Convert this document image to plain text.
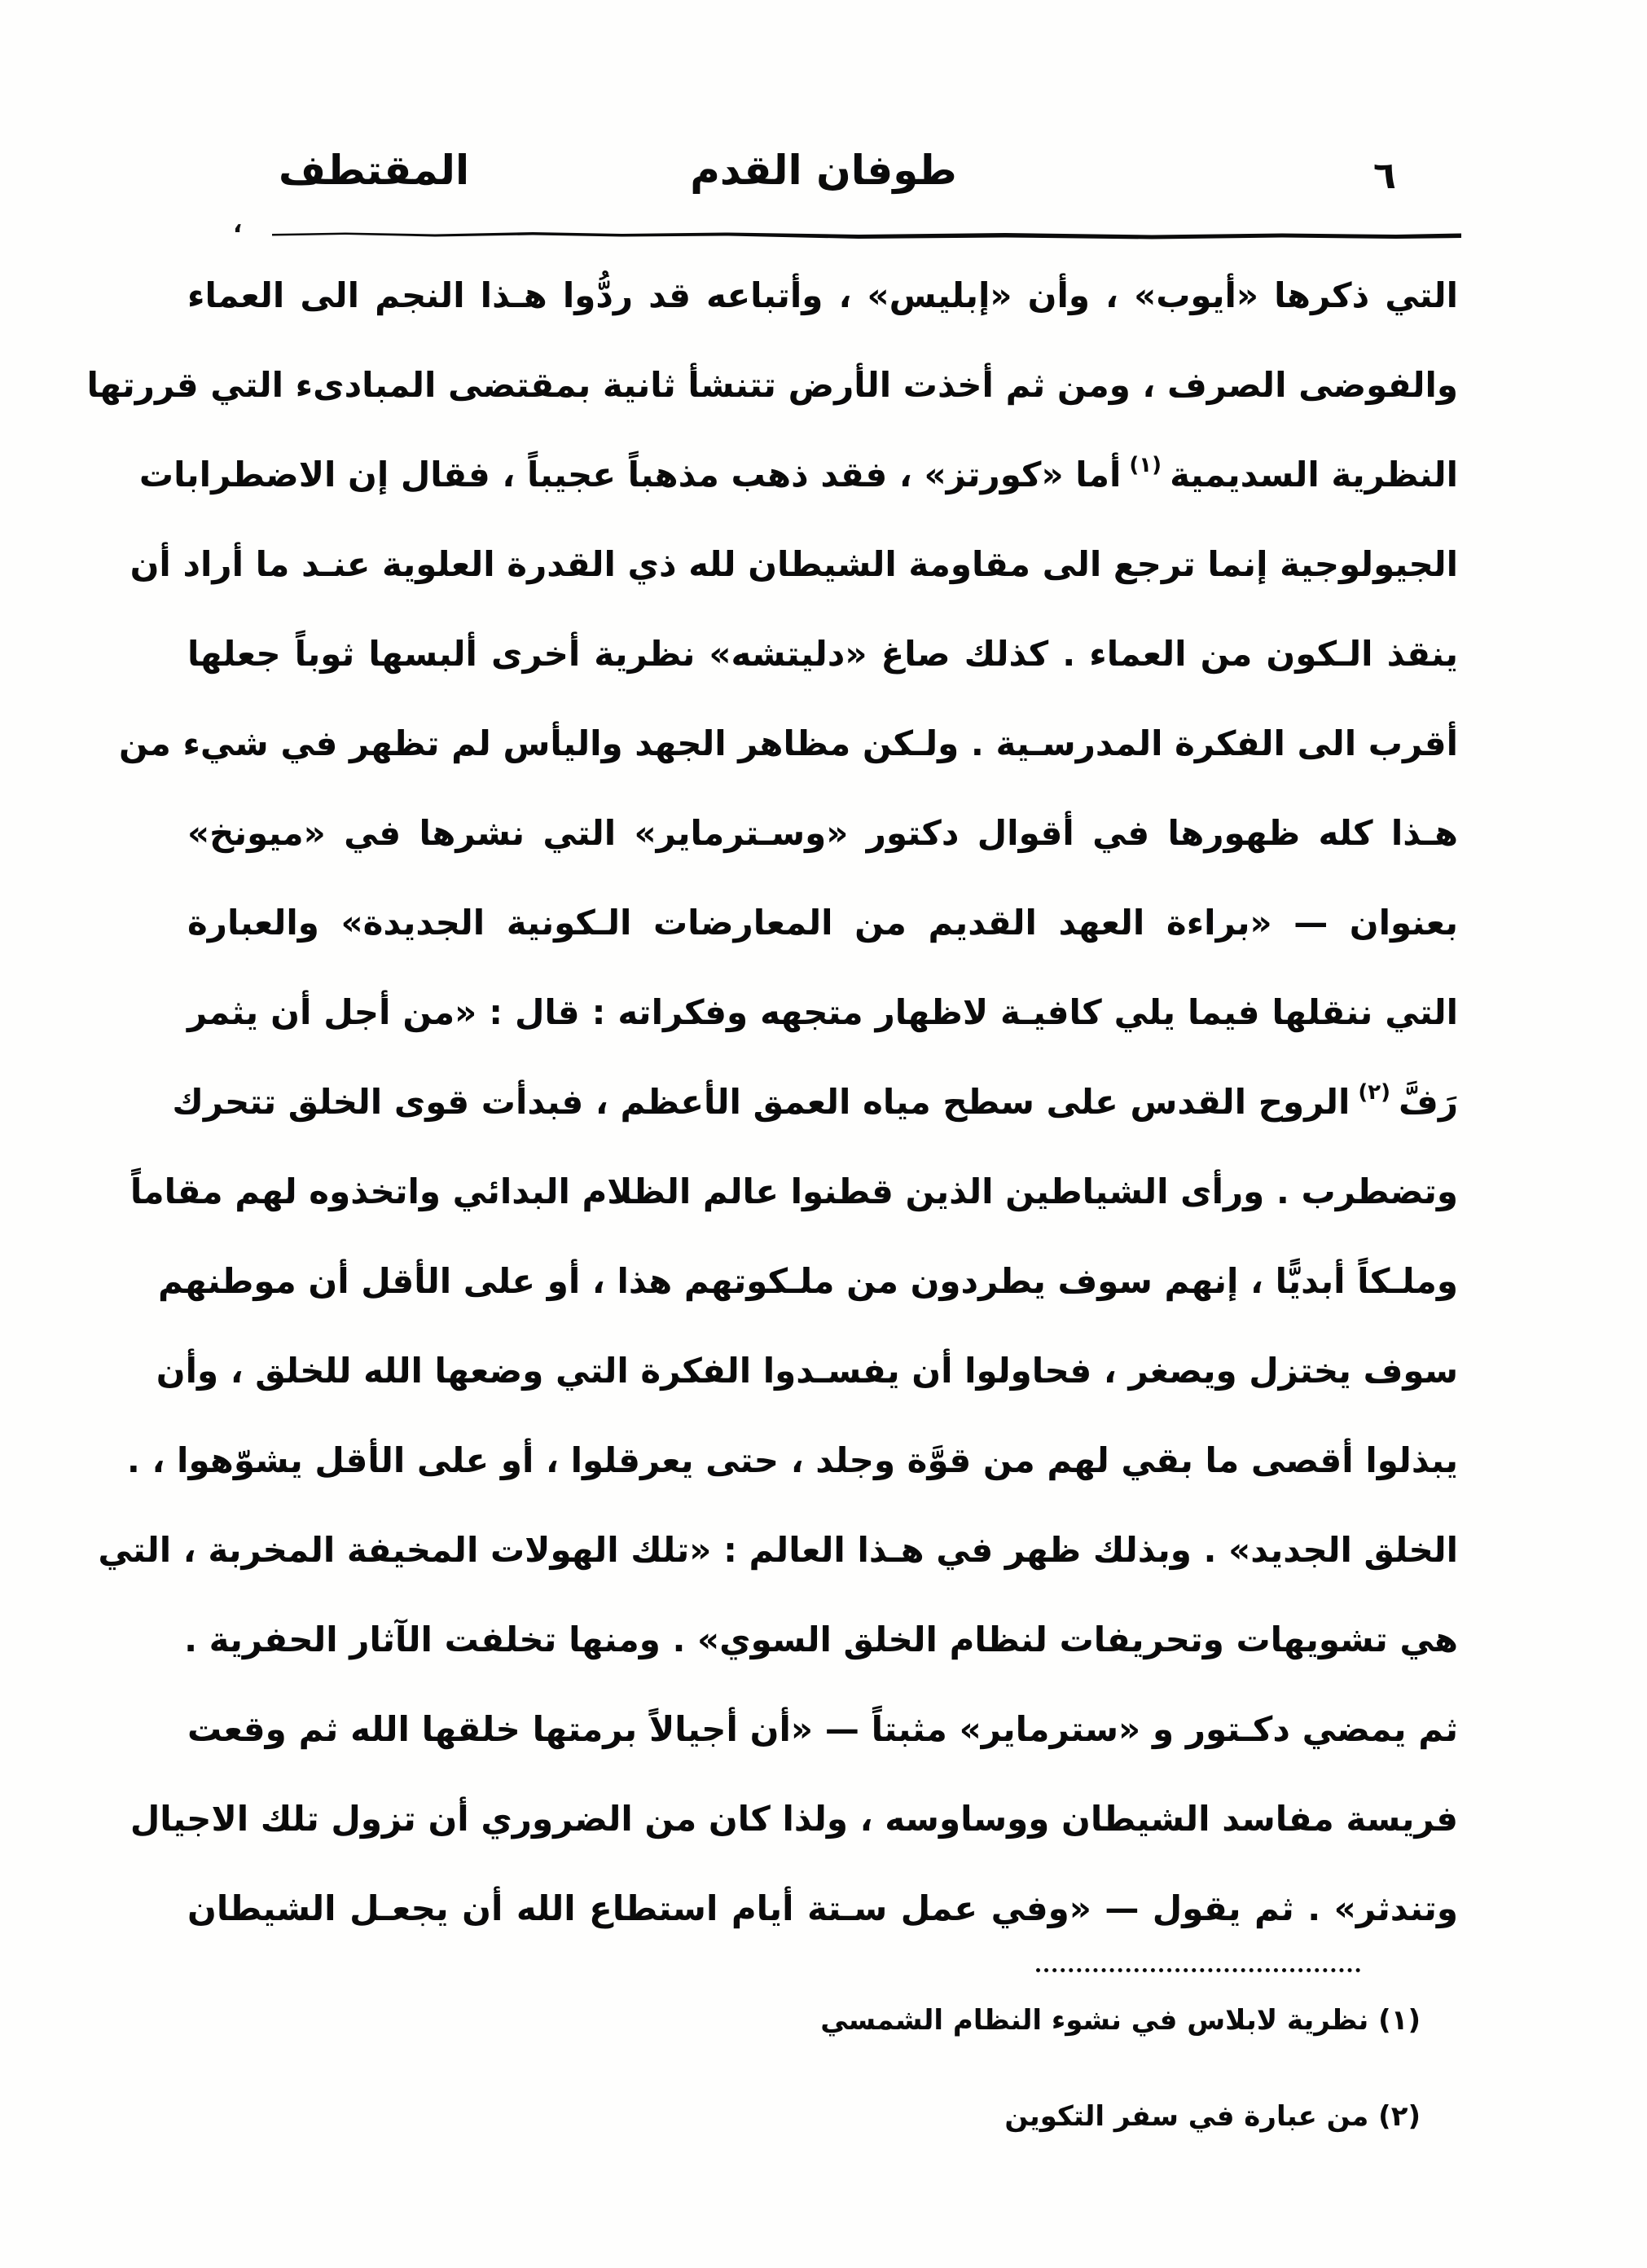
٦
طوفان القدم
المقتطف
،
التي ذكرها «أيوب» ، وأن «إبليس» ، وأتباعه قد ردُّوا هـذا النجم الى العماء
والفوضى الصرف ، ومن ثم أخذت الأرض تتنشأ ثانية بمقتضى المبادىء التي قررتها
النظرية السديمية$^{(١)}$أما «كورتز» ، فقد ذهب مذهباً عجيباً ، فقال إن الاضطرابات
الجيولوجية إنما ترجع الى مقاومة الشيطان لله ذي القدرة العلوية عنـد ما أراد أن
ينقذ الـكون من العماء . كذلك صاغ «دليتشه» نظرية أخرى ألبسها ثوباً جعلها
أقرب الى الفكرة المدرسـية . ولـكن مظاهر الجهد واليأس لم تظهر في شيء من
هـذا كله ظهورها في أقوال دكتور «وسـترماير» التي نشرها في «ميونخ»
بعنوان — «براءة العهد القديم من المعارضات الـكونية الجديدة» والعبارة
التي ننقلها فيما يلي كافيـة لاظهار متجهه وفكراته : قال : «من أجل أن يثمر
رَفَّ$^{(٢)}$الروح القدس على سطح مياه العمق الأعظم ، فبدأت قوى الخلق تتحرك
وتضطرب . ورأى الشياطين الذين قطنوا عالم الظلام البدائي واتخذوه لهم مقاماً
وملـكاً أبديًّا ، إنهم سوف يطردون من ملـكوتهم هذا ، أو على الأقل أن موطنهم
سوف يختزل ويصغر ، فحاولوا أن يفسـدوا الفكرة التي وضعها الله للخلق ، وأن
يبذلوا أقصى ما بقي لهم من قوَّة وجلد ، حتى يعرقلوا ، أو على الأقل يشوّهوا ، .
الخلق الجديد» . وبذلك ظهر في هـذا العالم : «تلك الهولات المخيفة المخربة ، التي
هي تشويهات وتحريفات لنظام الخلق السوي» . ومنها تخلفت الآثار الحفرية .
ثم يمضي دكـتور و «سترماير» مثبتاً — «أن أجيالاً برمتها خلقها الله ثم وقعت
فريسة مفاسد الشيطان ووساوسه ، ولذا كان من الضروري أن تزول تلك الاجيال
وتندثر» . ثم يقول — «وفي عمل سـتة أيام استطاع الله أن يجعـل الشيطان
(١) نظرية لابلاس في نشوء النظام الشمسي
(٢) من عبارة في سفر التكوين
